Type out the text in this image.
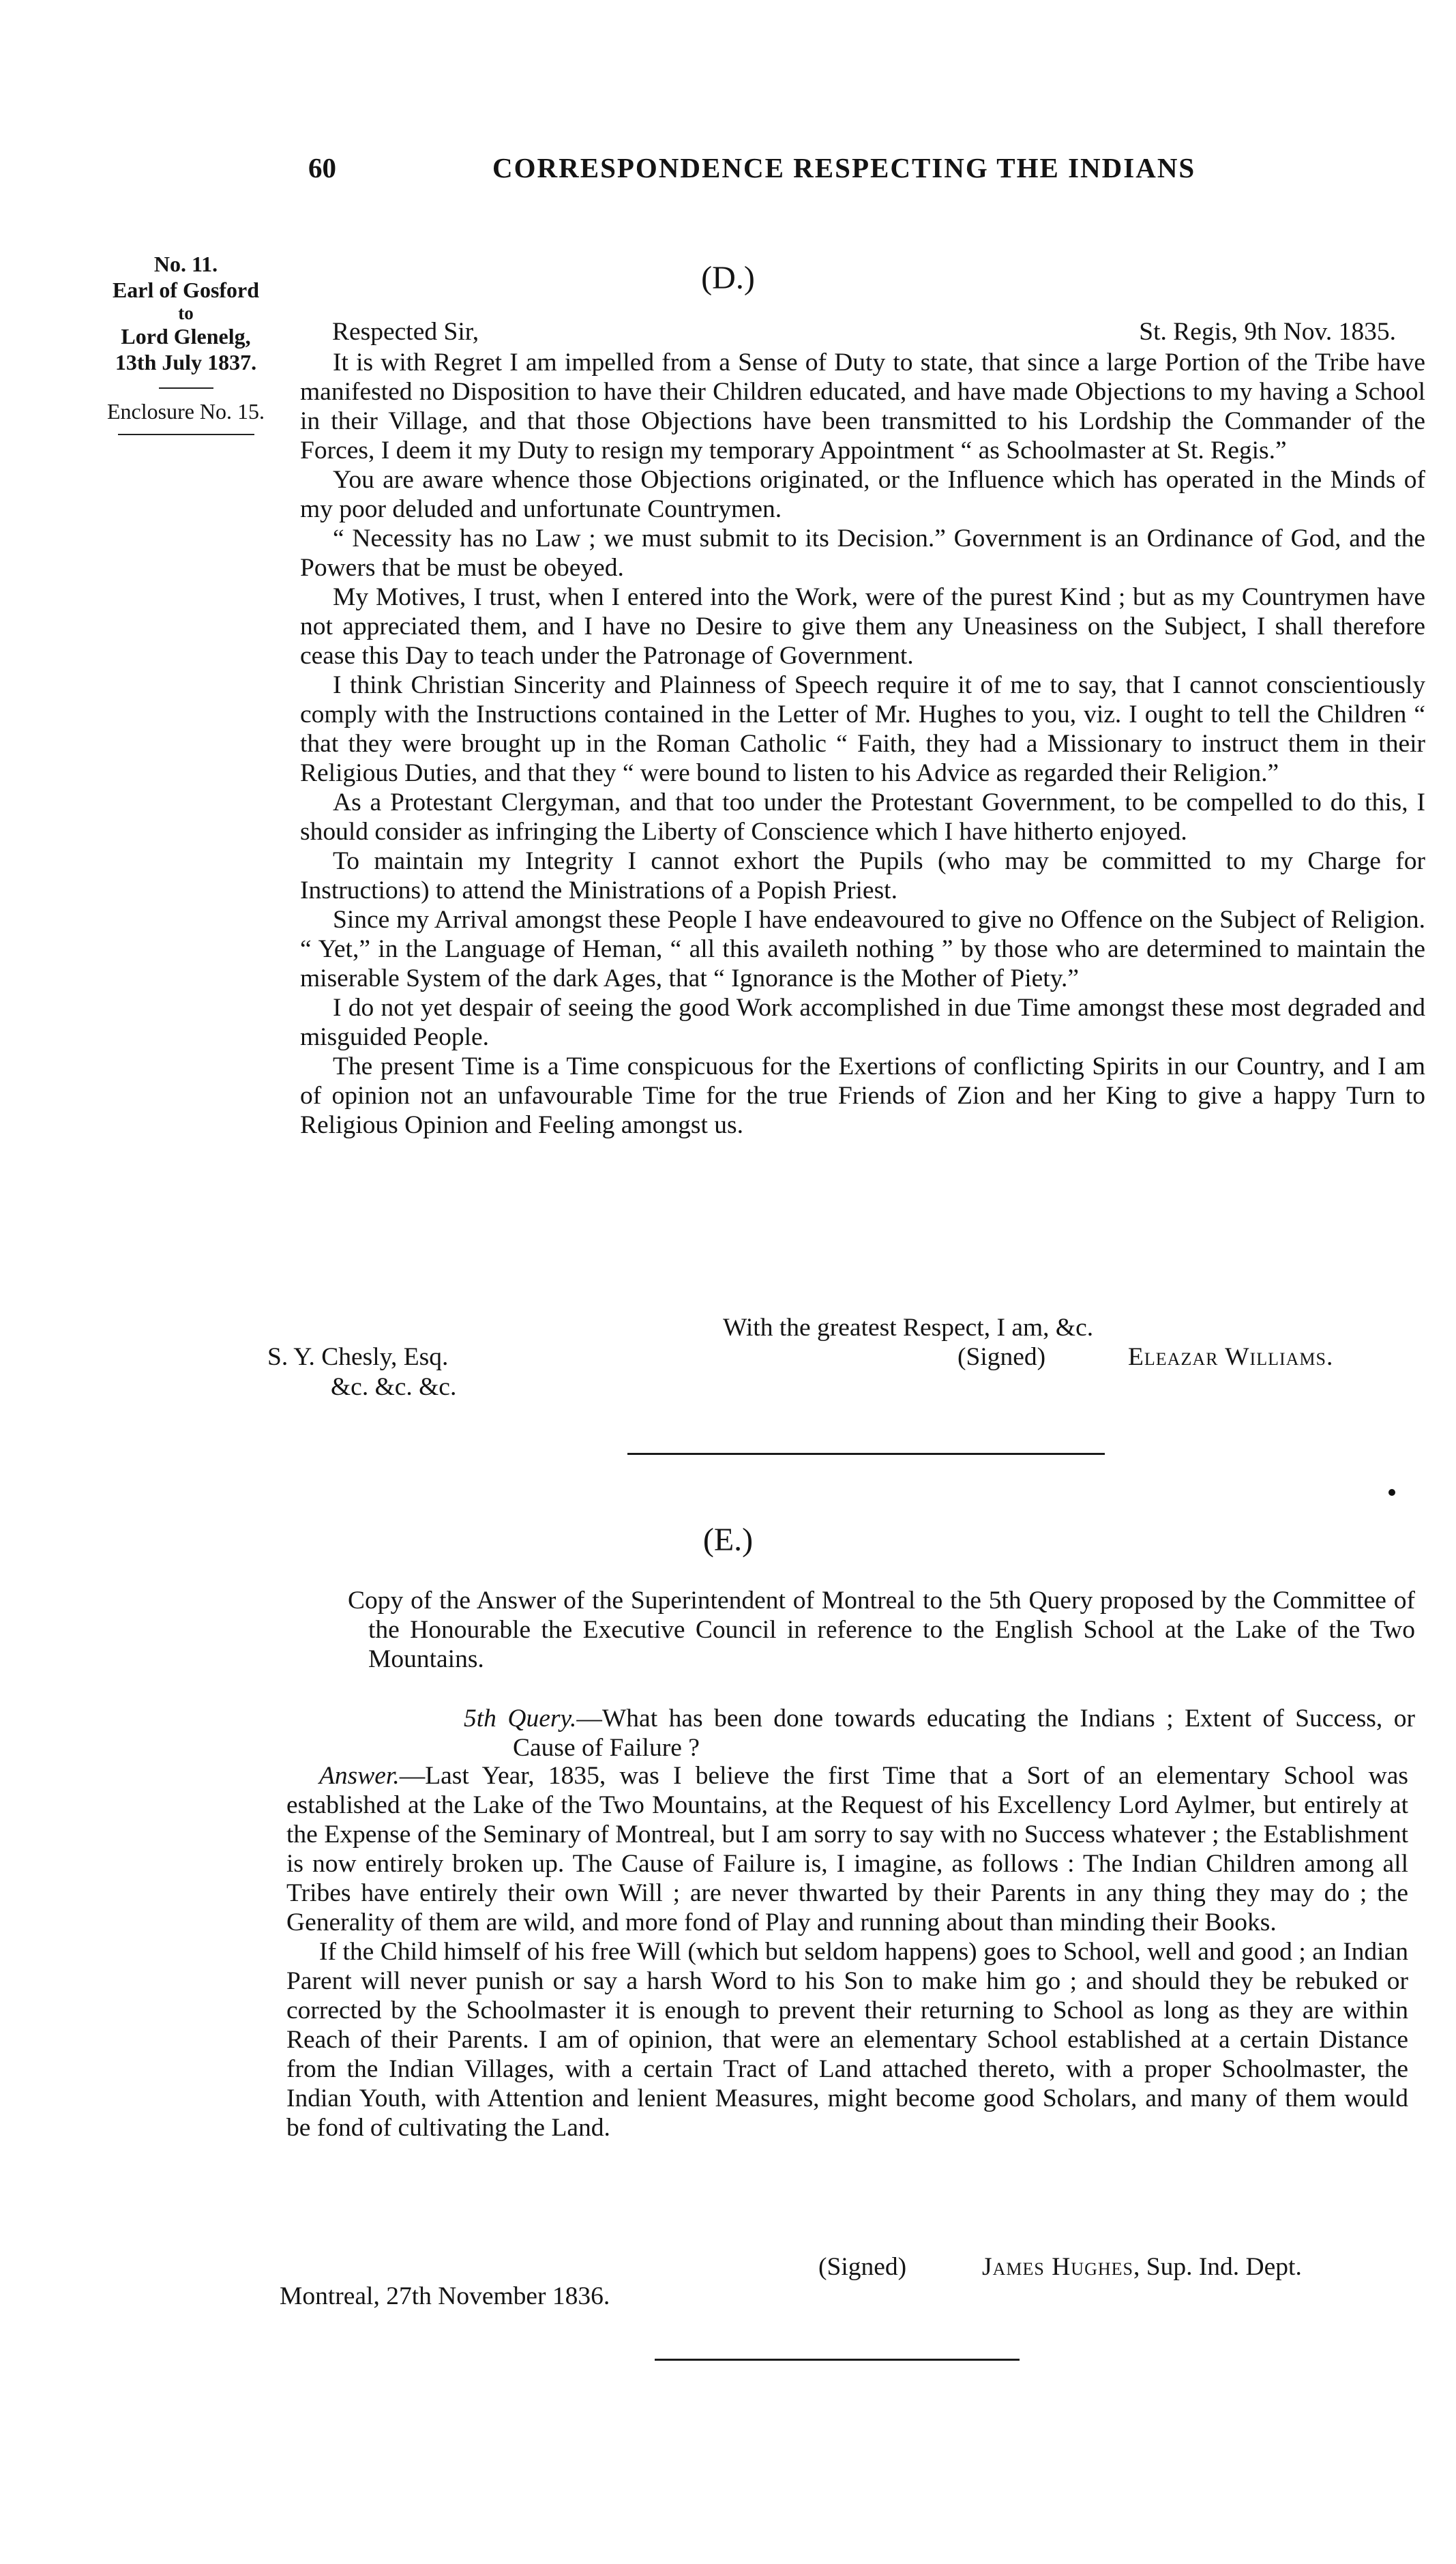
60	CORRESPONDENCE RESPECTING THE INDIANS
No. 11.
Earl of Gosford
to
Lord Glenelg,
13th July 1837.
Enclosure No. 15.
(D.)
Respected Sir,	St. Regis, 9th Nov. 1835.

It is with Regret I am impelled from a Sense of Duty to state, that since a large Portion of the Tribe have manifested no Disposition to have their Children educated, and have made Objections to my having a School in their Village, and that those Objections have been transmitted to his Lordship the Commander of the Forces, I deem it my Duty to resign my temporary Appointment “ as Schoolmaster at St. Regis.”

You are aware whence those Objections originated, or the Influence which has operated in the Minds of my poor deluded and unfortunate Countrymen.

“ Necessity has no Law ; we must submit to its Decision.” Government is an Ordinance of God, and the Powers that be must be obeyed.

My Motives, I trust, when I entered into the Work, were of the purest Kind ; but as my Countrymen have not appreciated them, and I have no Desire to give them any Uneasiness on the Subject, I shall therefore cease this Day to teach under the Patronage of Government.

I think Christian Sincerity and Plainness of Speech require it of me to say, that I cannot conscientiously comply with the Instructions contained in the Letter of Mr. Hughes to you, viz. I ought to tell the Children “ that they were brought up in the Roman Catholic “ Faith, they had a Missionary to instruct them in their Religious Duties, and that they “ were bound to listen to his Advice as regarded their Religion.”

As a Protestant Clergyman, and that too under the Protestant Government, to be compelled to do this, I should consider as infringing the Liberty of Conscience which I have hitherto enjoyed.

To maintain my Integrity I cannot exhort the Pupils (who may be committed to my Charge for Instructions) to attend the Ministrations of a Popish Priest.

Since my Arrival amongst these People I have endeavoured to give no Offence on the Subject of Religion. “ Yet,” in the Language of Heman, “ all this availeth nothing ” by those who are determined to maintain the miserable System of the dark Ages, that “ Ignorance is the Mother of Piety.”

I do not yet despair of seeing the good Work accomplished in due Time amongst these most degraded and misguided People.

The present Time is a Time conspicuous for the Exertions of conflicting Spirits in our Country, and I am of opinion not an unfavourable Time for the true Friends of Zion and her King to give a happy Turn to Religious Opinion and Feeling amongst us.

With the greatest Respect, I am, &c.
S. Y. Chesly, Esq.	(Signed)	Eleazar Williams.
&c. &c. &c.
(E.)
Copy of the Answer of the Superintendent of Montreal to the 5th Query proposed by the Committee of the Honourable the Executive Council in reference to the English School at the Lake of the Two Mountains.
5th Query.—What has been done towards educating the Indians ; Extent of Success, or Cause of Failure ?

Answer.—Last Year, 1835, was I believe the first Time that a Sort of an elementary School was established at the Lake of the Two Mountains, at the Request of his Excellency Lord Aylmer, but entirely at the Expense of the Seminary of Montreal, but I am sorry to say with no Success whatever ; the Establishment is now entirely broken up. The Cause of Failure is, I imagine, as follows : The Indian Children among all Tribes have entirely their own Will ; are never thwarted by their Parents in any thing they may do ; the Generality of them are wild, and more fond of Play and running about than minding their Books.

If the Child himself of his free Will (which but seldom happens) goes to School, well and good ; an Indian Parent will never punish or say a harsh Word to his Son to make him go ; and should they be rebuked or corrected by the Schoolmaster it is enough to prevent their returning to School as long as they are within Reach of their Parents. I am of opinion, that were an elementary School established at a certain Distance from the Indian Villages, with a certain Tract of Land attached thereto, with a proper Schoolmaster, the Indian Youth, with Attention and lenient Measures, might become good Scholars, and many of them would be fond of cultivating the Land.

(Signed)	James Hughes, Sup. Ind. Dept.
Montreal, 27th November 1836.
